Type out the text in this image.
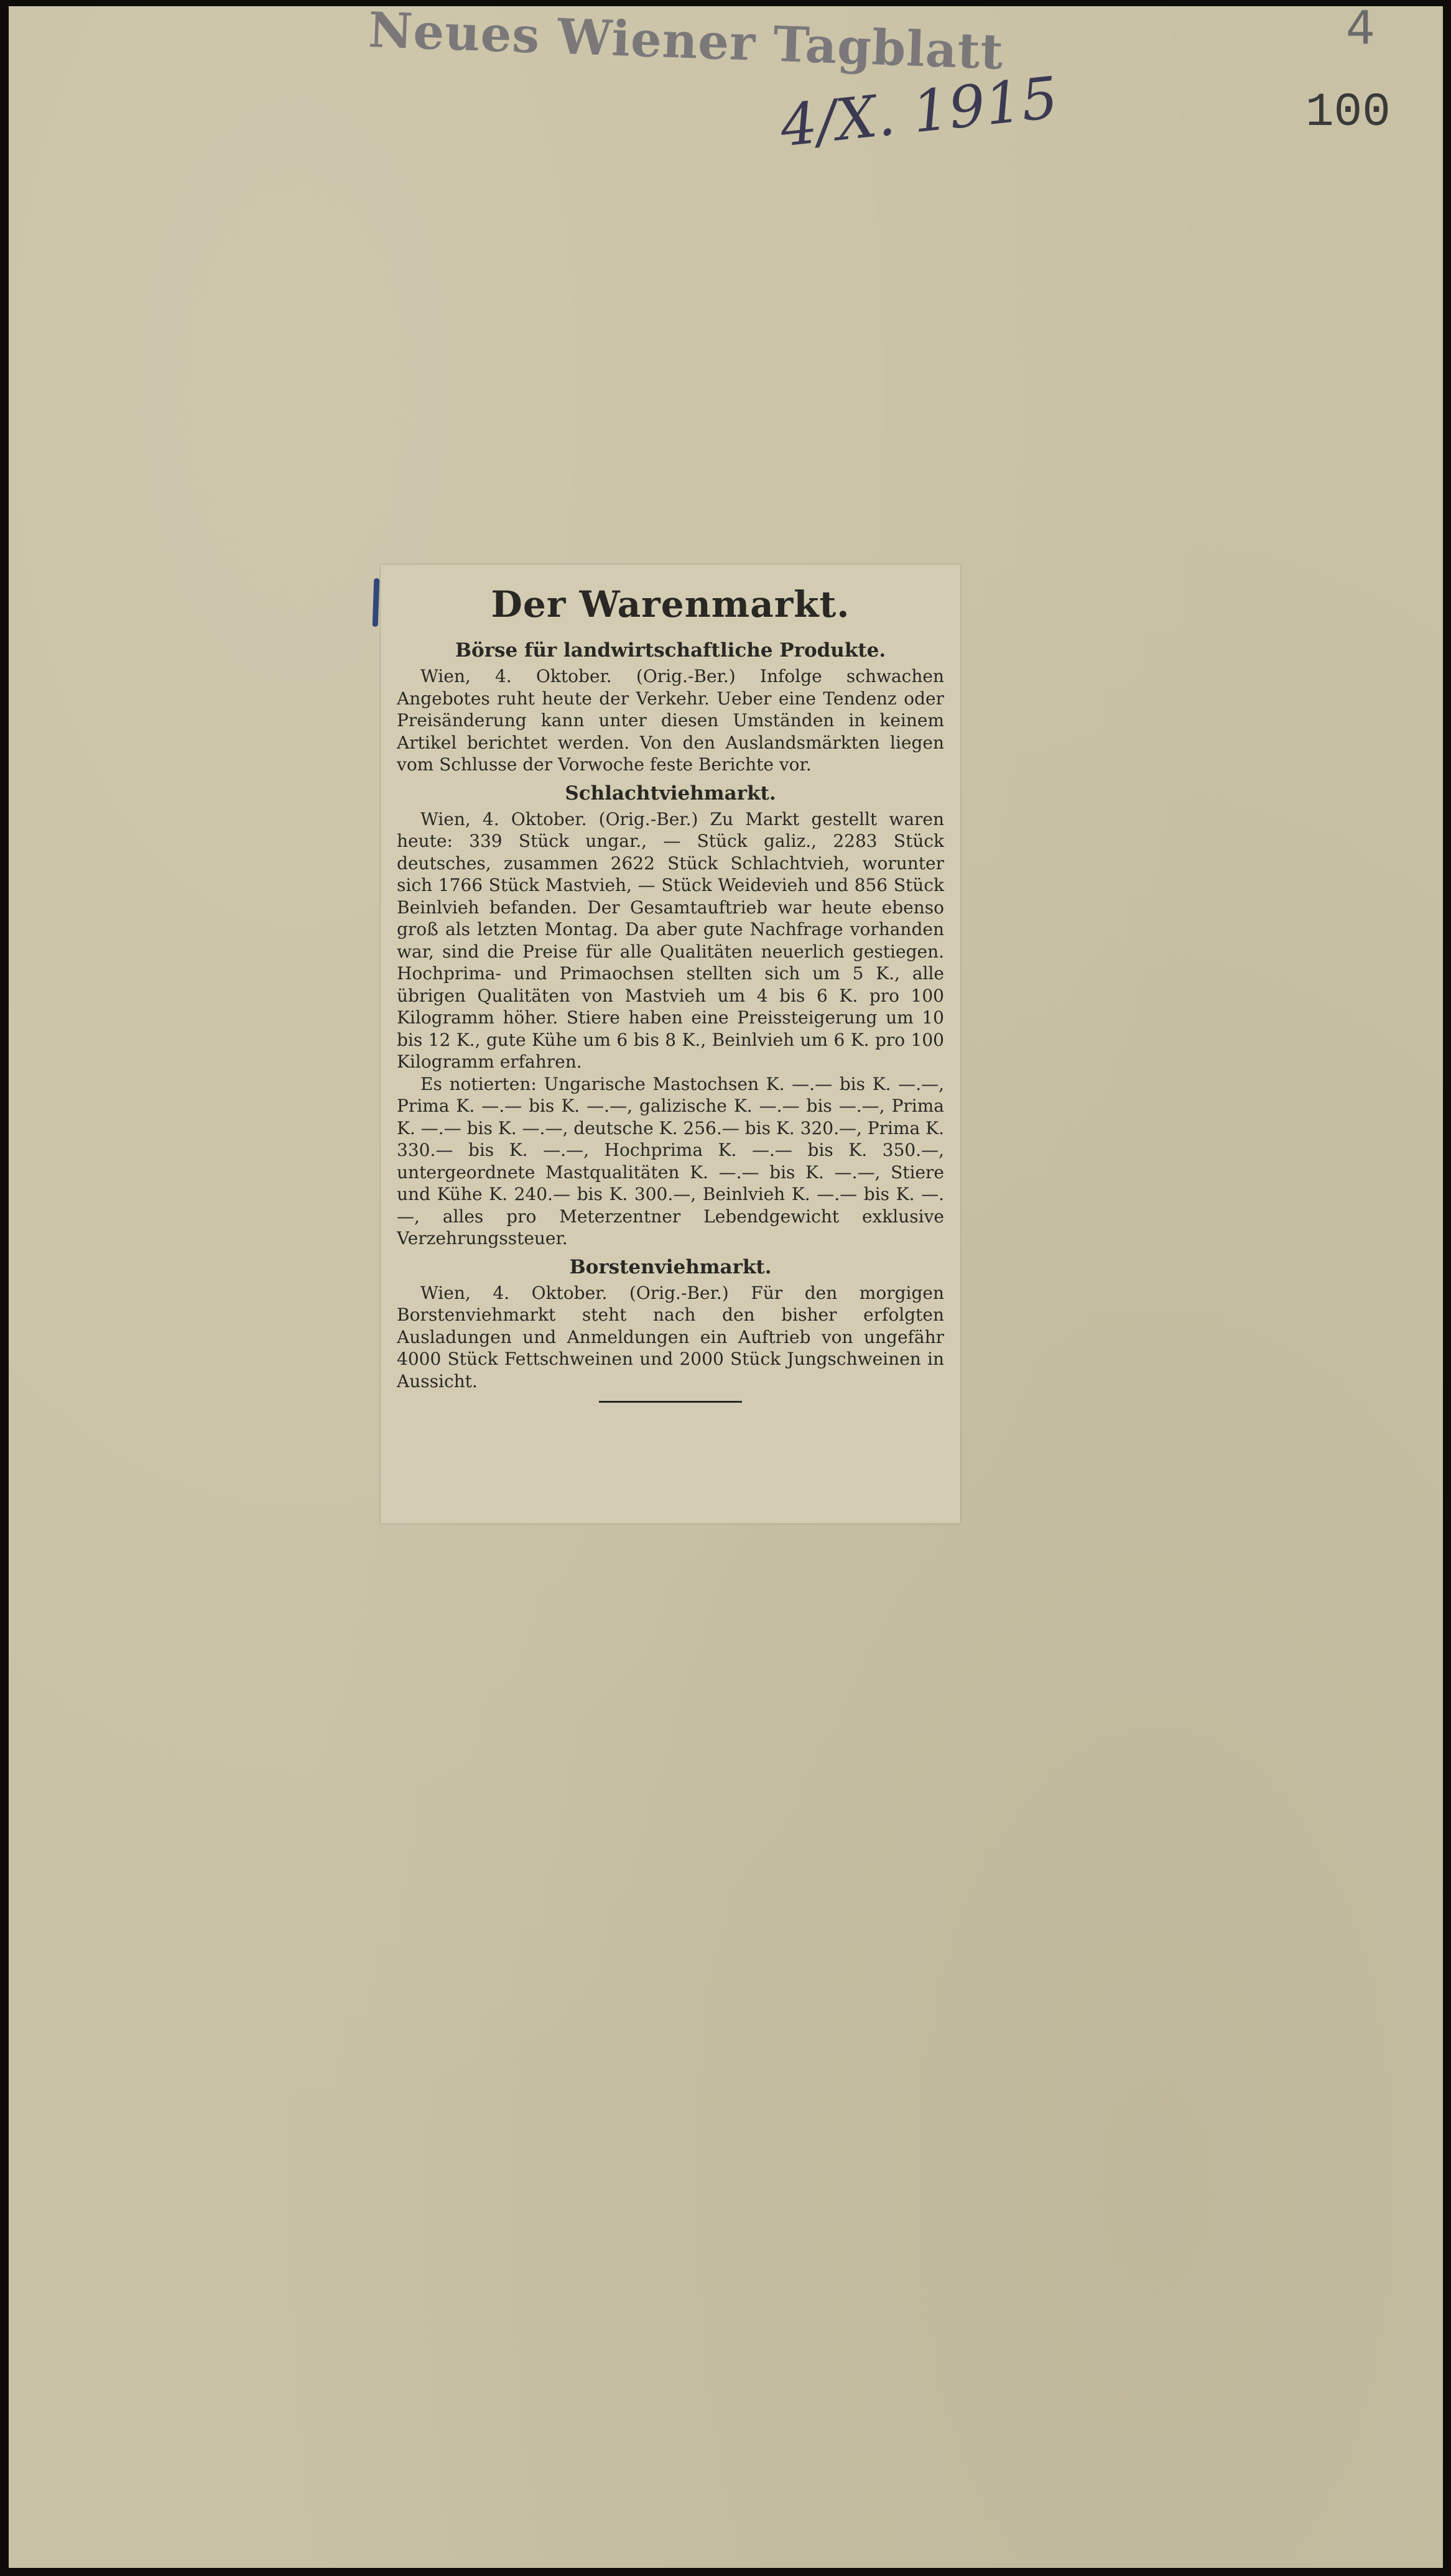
Neues Wiener Tagblatt
4/X. 1915
4
100
Der Warenmarkt.
Börse für landwirtschaftliche Produkte.

Wien, 4. Oktober. (Orig.-Ber.) Infolge schwachen Angebotes ruht heute der Verkehr. Ueber eine Tendenz oder Preisänderung kann unter diesen Umständen in keinem Artikel berichtet werden. Von den Auslandsmärkten liegen vom Schlusse der Vorwoche feste Berichte vor.

Schlachtviehmarkt.

Wien, 4. Oktober. (Orig.-Ber.) Zu Markt gestellt waren heute: 339 Stück ungar., — Stück galiz., 2283 Stück deutsches, zusammen 2622 Stück Schlachtvieh, worunter sich 1766 Stück Mastvieh, — Stück Weidevieh und 856 Stück Beinlvieh befanden. Der Gesamtauftrieb war heute ebenso groß als letzten Montag. Da aber gute Nachfrage vorhanden war, sind die Preise für alle Qualitäten neuerlich gestiegen. Hochprima- und Primaochsen stellten sich um 5 K., alle übrigen Qualitäten von Mastvieh um 4 bis 6 K. pro 100 Kilogramm höher. Stiere haben eine Preissteigerung um 10 bis 12 K., gute Kühe um 6 bis 8 K., Beinlvieh um 6 K. pro 100 Kilogramm erfahren.

Es notierten: Ungarische Mastochsen K. —.— bis K. —.—, Prima K. —.— bis K. —.—, galizische K. —.— bis —.—, Prima K. —.— bis K. —.—, deutsche K. 256.— bis K. 320.—, Prima K. 330.— bis K. —.—, Hochprima K. —.— bis K. 350.—, untergeordnete Mastqualitäten K. —.— bis K. —.—, Stiere und Kühe K. 240.— bis K. 300.—, Beinlvieh K. —.— bis K. —.—, alles pro Meterzentner Lebendgewicht exklusive Verzehrungssteuer.

Borstenviehmarkt.

Wien, 4. Oktober. (Orig.-Ber.) Für den morgigen Borstenviehmarkt steht nach den bisher erfolgten Ausladungen und Anmeldungen ein Auftrieb von ungefähr 4000 Stück Fettschweinen und 2000 Stück Jungschweinen in Aussicht.
